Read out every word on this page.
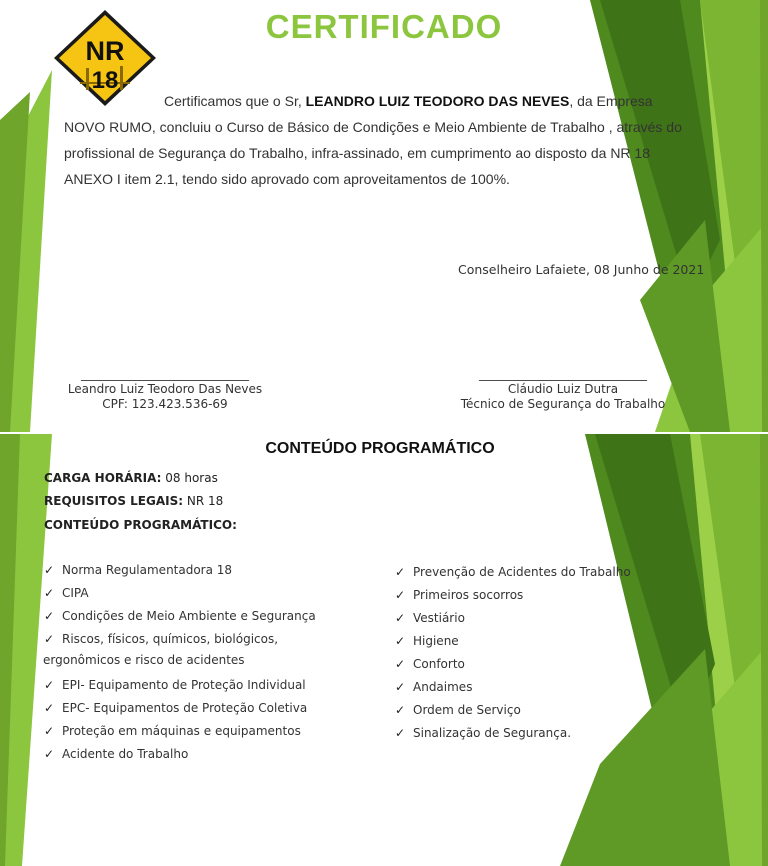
CERTIFICADO
NR
18
Certificamos que o Sr, LEANDRO LUIZ TEODORO DAS NEVES, da Empresa
NOVO RUMO, concluiu o Curso de Básico de Condições e Meio Ambiente de Trabalho , através do
profissional de Segurança do Trabalho, infra-assinado, em cumprimento ao disposto da NR 18
ANEXO I item 2.1, tendo sido aprovado com aproveitamentos de 100%.
Conselheiro Lafaiete, 08 Junho de 2021
____________________________
Leandro Luiz Teodoro Das Neves
CPF: 123.423.536-69
____________________________
Cláudio Luiz Dutra
Técnico de Segurança do Trabalho
CONTEÚDO PROGRAMÁTICO
CARGA HORÁRIA: 08 horas
REQUISITOS LEGAIS: NR 18
CONTEÚDO PROGRAMÁTICO:
✓ Norma Regulamentadora 18
✓ CIPA
✓ Condições de Meio Ambiente e Segurança
✓ Riscos, físicos, químicos, biológicos,
ergonômicos e risco de acidentes
✓ EPI- Equipamento de Proteção Individual
✓ EPC- Equipamentos de Proteção Coletiva
✓ Proteção em máquinas e equipamentos
✓ Acidente do Trabalho
✓ Prevenção de Acidentes do Trabalho
✓ Primeiros socorros
✓ Vestiário
✓ Higiene
✓ Conforto
✓ Andaimes
✓ Ordem de Serviço
✓ Sinalização de Segurança.
